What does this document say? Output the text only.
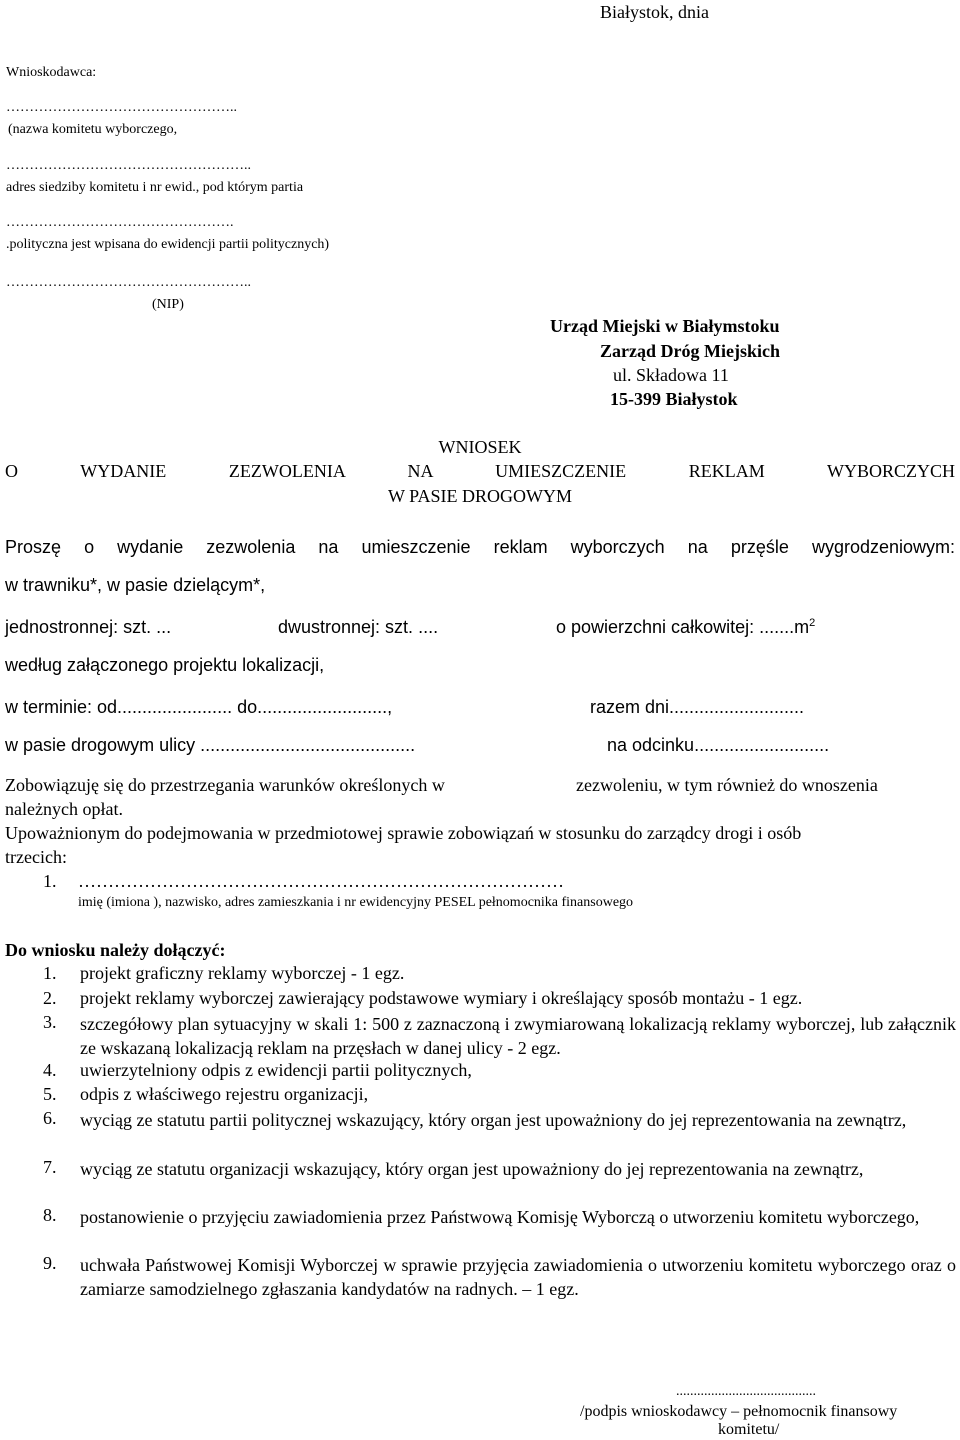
Białystok, dnia
Wnioskodawca:
…………………………………………..
(nazwa komitetu wyborczego,
……………………………………………..
adres siedziby komitetu i nr ewid., pod którym partia
………………………………………….
.polityczna jest wpisana do ewidencji partii politycznych)
……………………………………………..
(NIP)
Urząd Miejski w Białymstoku
Zarząd Dróg Miejskich
ul. Składowa 11
15-399 Białystok
WNIOSEK
O WYDANIE ZEZWOLENIA NA UMIESZCZENIE REKLAM WYBORCZYCH
W PASIE DROGOWYM
Proszę o wydanie zezwolenia na umieszczenie reklam wyborczych na przęśle wygrodzeniowym:
w trawniku*, w pasie dzielącym*,
jednostronnej: szt. ...	dwustronnej: szt. ....	o powierzchni całkowitej: $.......m^2$
według załączonego projektu lokalizacji,
w terminie: od....................... do..........................,	razem dni...........................
w pasie drogowym ulicy ...........................................	na odcinku...........................
Zobowiązuję się do przestrzegania warunków określonych w	zezwoleniu, w tym również do wnoszenia
należnych opłat.
Upoważnionym do podejmowania w przedmiotowej sprawie zobowiązań w stosunku do zarządcy drogi i osób
trzecich:
1. ………………………………………………………………………
imię (imiona ), nazwisko, adres zamieszkania i nr ewidencyjny PESEL pełnomocnika finansowego
Do wniosku należy dołączyć:
1. projekt graficzny reklamy wyborczej - 1 egz.
2. projekt reklamy wyborczej zawierający podstawowe wymiary i określający sposób montażu - 1 egz.
3. szczegółowy plan sytuacyjny w skali 1: 500 z zaznaczoną i zwymiarowaną lokalizacją reklamy wyborczej, lub załącznik ze wskazaną lokalizacją reklam na przęsłach w danej ulicy - 2 egz.
4. uwierzytelniony odpis z ewidencji partii politycznych,
5. odpis z właściwego rejestru organizacji,
6. wyciąg ze statutu partii politycznej wskazujący, który organ jest upoważniony do jej reprezentowania na zewnątrz,
7. wyciąg ze statutu organizacji wskazujący, który organ jest upoważniony do jej reprezentowania na zewnątrz,
8. postanowienie o przyjęciu zawiadomienia przez Państwową Komisję Wyborczą o utworzeniu komitetu wyborczego,
9. uchwała Państwowej Komisji Wyborczej w sprawie przyjęcia zawiadomienia o utworzeniu komitetu wyborczego oraz o zamiarze samodzielnego zgłaszania kandydatów na radnych. – 1 egz.
........................................
/podpis wnioskodawcy – pełnomocnik finansowy
komitetu/
